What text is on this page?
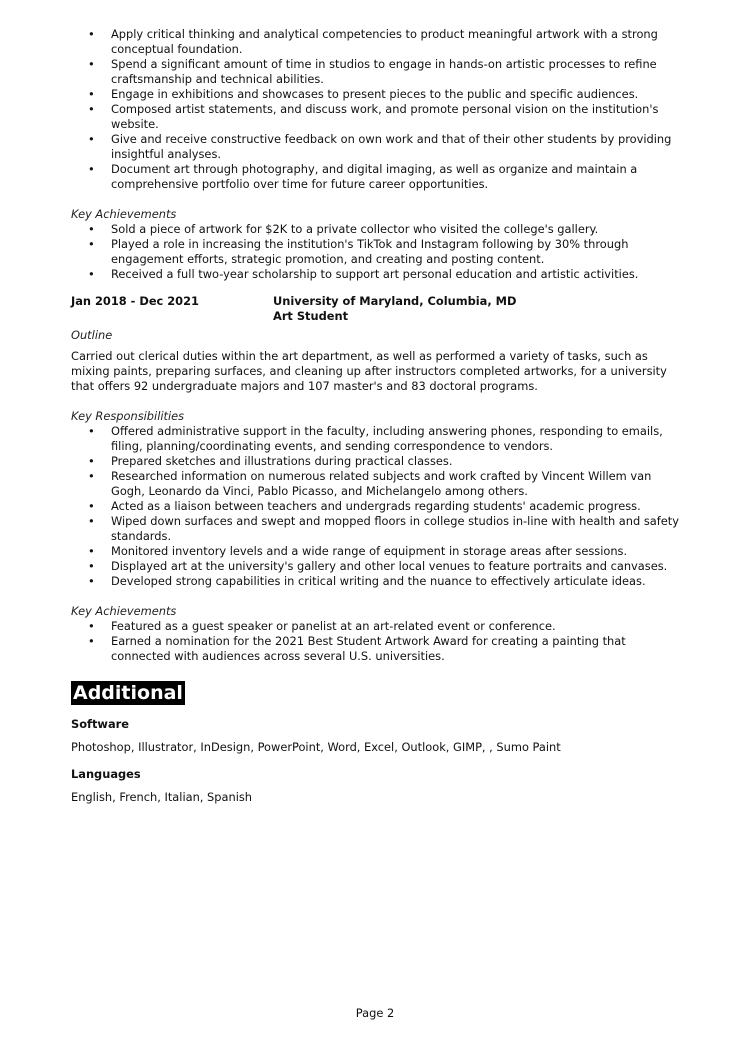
• Apply critical thinking and analytical competencies to product meaningful artwork with a strong conceptual foundation.
• Spend a significant amount of time in studios to engage in hands-on artistic processes to refine craftsmanship and technical abilities.
• Engage in exhibitions and showcases to present pieces to the public and specific audiences.
• Composed artist statements, and discuss work, and promote personal vision on the institution's website.
• Give and receive constructive feedback on own work and that of their other students by providing insightful analyses.
• Document art through photography, and digital imaging, as well as organize and maintain a comprehensive portfolio over time for future career opportunities.
Key Achievements
• Sold a piece of artwork for $2K to a private collector who visited the college's gallery.
• Played a role in increasing the institution's TikTok and Instagram following by 30% through engagement efforts, strategic promotion, and creating and posting content.
• Received a full two-year scholarship to support art personal education and artistic activities.
Jan 2018 - Dec 2021	University of Maryland, Columbia, MD
Art Student
Outline
Carried out clerical duties within the art department, as well as performed a variety of tasks, such as mixing paints, preparing surfaces, and cleaning up after instructors completed artworks, for a university that offers 92 undergraduate majors and 107 master's and 83 doctoral programs.
Key Responsibilities
• Offered administrative support in the faculty, including answering phones, responding to emails, filing, planning/coordinating events, and sending correspondence to vendors.
• Prepared sketches and illustrations during practical classes.
• Researched information on numerous related subjects and work crafted by Vincent Willem van Gogh, Leonardo da Vinci, Pablo Picasso, and Michelangelo among others.
• Acted as a liaison between teachers and undergrads regarding students' academic progress.
• Wiped down surfaces and swept and mopped floors in college studios in-line with health and safety standards.
• Monitored inventory levels and a wide range of equipment in storage areas after sessions.
• Displayed art at the university's gallery and other local venues to feature portraits and canvases.
• Developed strong capabilities in critical writing and the nuance to effectively articulate ideas.
Key Achievements
• Featured as a guest speaker or panelist at an art-related event or conference.
• Earned a nomination for the 2021 Best Student Artwork Award for creating a painting that connected with audiences across several U.S. universities.
Additional
Software
Photoshop, Illustrator, InDesign, PowerPoint, Word, Excel, Outlook, GIMP, , Sumo Paint
Languages
English, French, Italian, Spanish
Page 2
